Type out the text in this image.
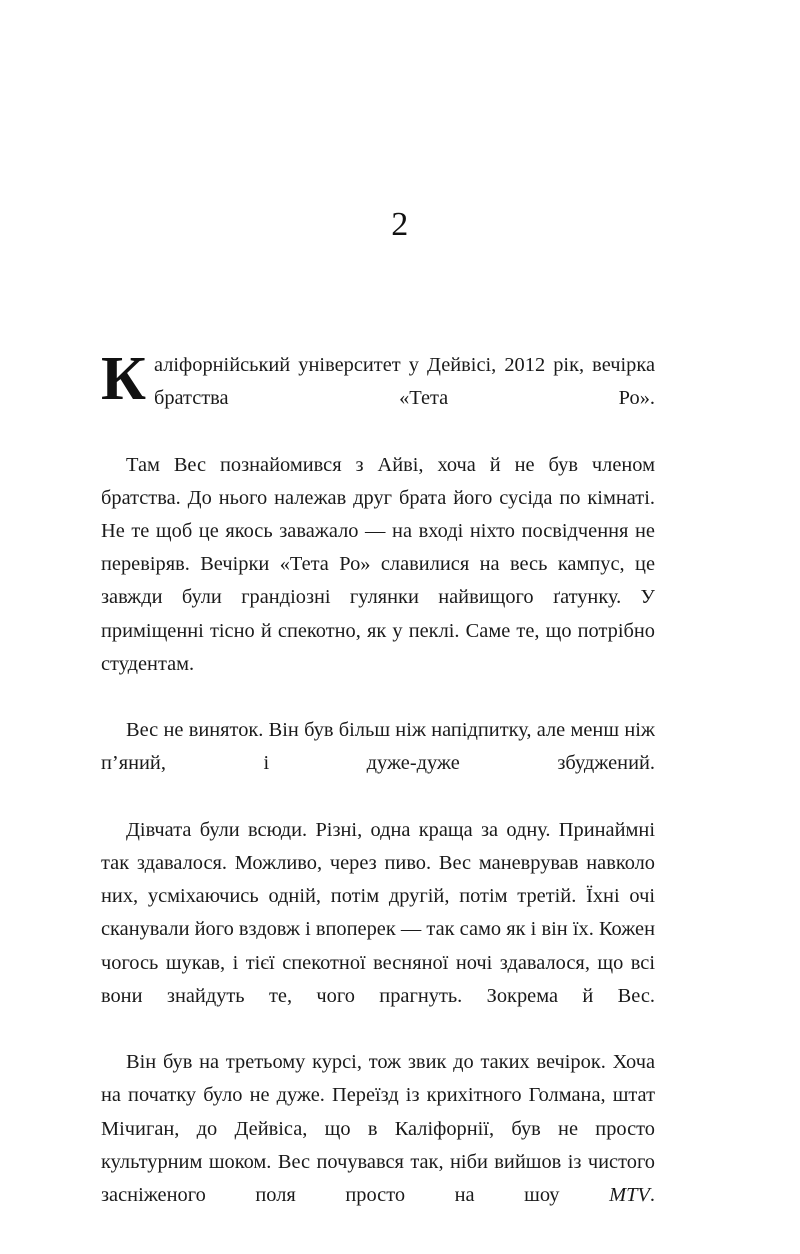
2

Каліфорнійський університет у Дейвісі, 2012 рік, вечірка братства «Тета Ро».

Там Вес познайомився з Айві, хоча й не був членом братства. До нього належав друг брата його сусіда по кімнаті. Не те щоб це якось заважало — на вході ніхто посвідчення не перевіряв. Вечірки «Тета Ро» славилися на весь кампус, це завжди були грандіозні гулянки найвищого ґатунку. У приміщенні тісно й спекотно, як у пеклі. Саме те, що потрібно студентам.

Вес не виняток. Він був більш ніж напідпитку, але менш ніж п’яний, і дуже-дуже збуджений.

Дівчата були всюди. Різні, одна краща за одну. Принаймні так здавалося. Можливо, через пиво. Вес маневрував навколо них, усміхаючись одній, потім другій, потім третій. Їхні очі сканували його вздовж і впоперек — так само як і він їх. Кожен чогось шукав, і тієї спекотної весняної ночі здавалося, що всі вони знайдуть те, чого прагнуть. Зокрема й Вес.

Він був на третьому курсі, тож звик до таких вечірок. Хоча на початку було не дуже. Переїзд із крихітного Голмана, штат Мічиган, до Дейвіса, що в Каліфорнії, був не просто культурним шоком. Вес почувався так, ніби вийшов із чистого засніженого поля просто на шоу MTV.
